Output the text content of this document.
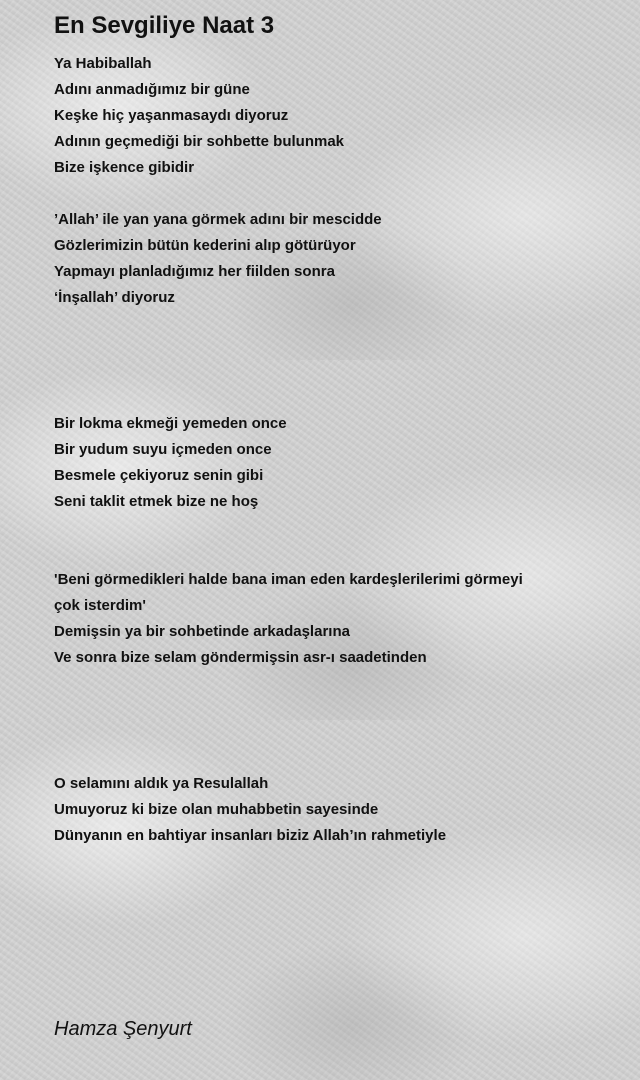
En Sevgiliye Naat 3
Ya Habiballah
Adını anmadığımız bir güne
Keşke hiç yaşanmasaydı diyoruz
Adının geçmediği bir sohbette bulunmak
Bize işkence gibidir
’Allah’ ile yan yana görmek adını bir mescidde
Gözlerimizin bütün kederini alıp götürüyor
Yapmayı planladığımız her fiilden sonra
‘İnşallah’ diyoruz
Bir lokma ekmeği yemeden once
Bir yudum suyu içmeden once
Besmele çekiyoruz senin gibi
Seni taklit etmek bize ne hoş
'Beni görmedikleri halde bana iman eden kardeşlerilerimi görmeyi
çok isterdim'
Demişsin ya bir sohbetinde arkadaşlarına
Ve sonra bize selam göndermişsin asr-ı saadetinden
O selamını aldık ya Resulallah
Umuyoruz ki bize olan muhabbetin sayesinde
Dünyanın en bahtiyar insanları biziz Allah’ın rahmetiyle
Hamza Şenyurt
